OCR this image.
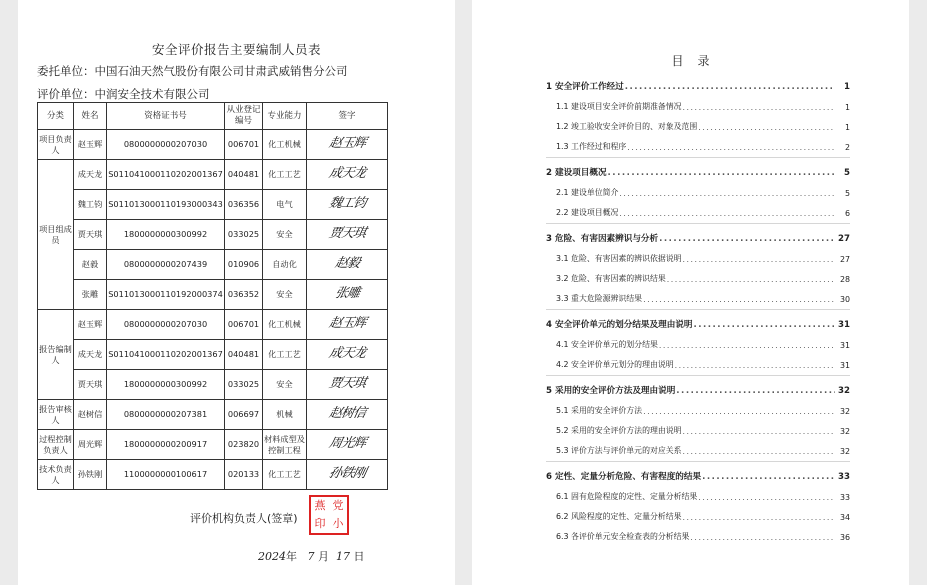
安全评价报告主要编制人员表
委托单位：中国石油天然气股份有限公司甘肃武威销售分公司
评价单位：中润安全技术有限公司
分类	姓名	资格证书号	从业登记编号	专业能力	签字
项目负责人	赵玉辉	0800000000207030	006701	化工机械	赵玉辉

项目组成员	成天龙	S011041000110202001367	040481	化工工艺	成天龙

	魏工钧	S011013000110193000343	036356	电气	魏工钧

	贾天琪	1800000000300992	033025	安全	贾天琪

	赵毅	0800000000207439	010906	自动化	赵毅

	张雕	S011013000110192000374	036352	安全	张雕

报告编制人	赵玉辉	0800000000207030	006701	化工机械	赵玉辉

	成天龙	S011041000110202001367	040481	化工工艺	成天龙

	贾天琪	1800000000300992	033025	安全	贾天琪

报告审核人	赵树信	0800000000207381	006697	机械	赵树信

过程控制负责人	周光辉	1800000000200917	023820	材料成型及控制工程	周光辉

技术负责人	孙铁刚	1100000000100617	020133	化工工艺	孙铁刚
评价机构负责人(签章)
燕 党
印 小
2024年 7 月 17 日
目录
1 安全评价工作经过 .....	1
1.1 建设项目安全评价前期准备情况 .....	1
1.2 竣工验收安全评价目的、对象及范围 .....	1
1.3 工作经过和程序 .....	2
2 建设项目概况 .....	5
2.1 建设单位简介 .....	5
2.2 建设项目概况 .....	6
3 危险、有害因素辨识与分析 .....	27
3.1 危险、有害因素的辨识依据说明 .....	27
3.2 危险、有害因素的辨识结果 .....	28
3.3 重大危险源辨识结果 .....	30
4 安全评价单元的划分结果及理由说明 .....	31
4.1 安全评价单元的划分结果 .....	31
4.2 安全评价单元划分的理由说明 .....	31
5 采用的安全评价方法及理由说明 .....	32
5.1 采用的安全评价方法 .....	32
5.2 采用的安全评价方法的理由说明 .....	32
5.3 评价方法与评价单元的对应关系 .....	32
6 定性、定量分析危险、有害程度的结果 .....	33
6.1 固有危险程度的定性、定量分析结果 .....	33
6.2 风险程度的定性、定量分析结果 .....	34
6.3 各评价单元安全检查表的分析结果 .....	36
